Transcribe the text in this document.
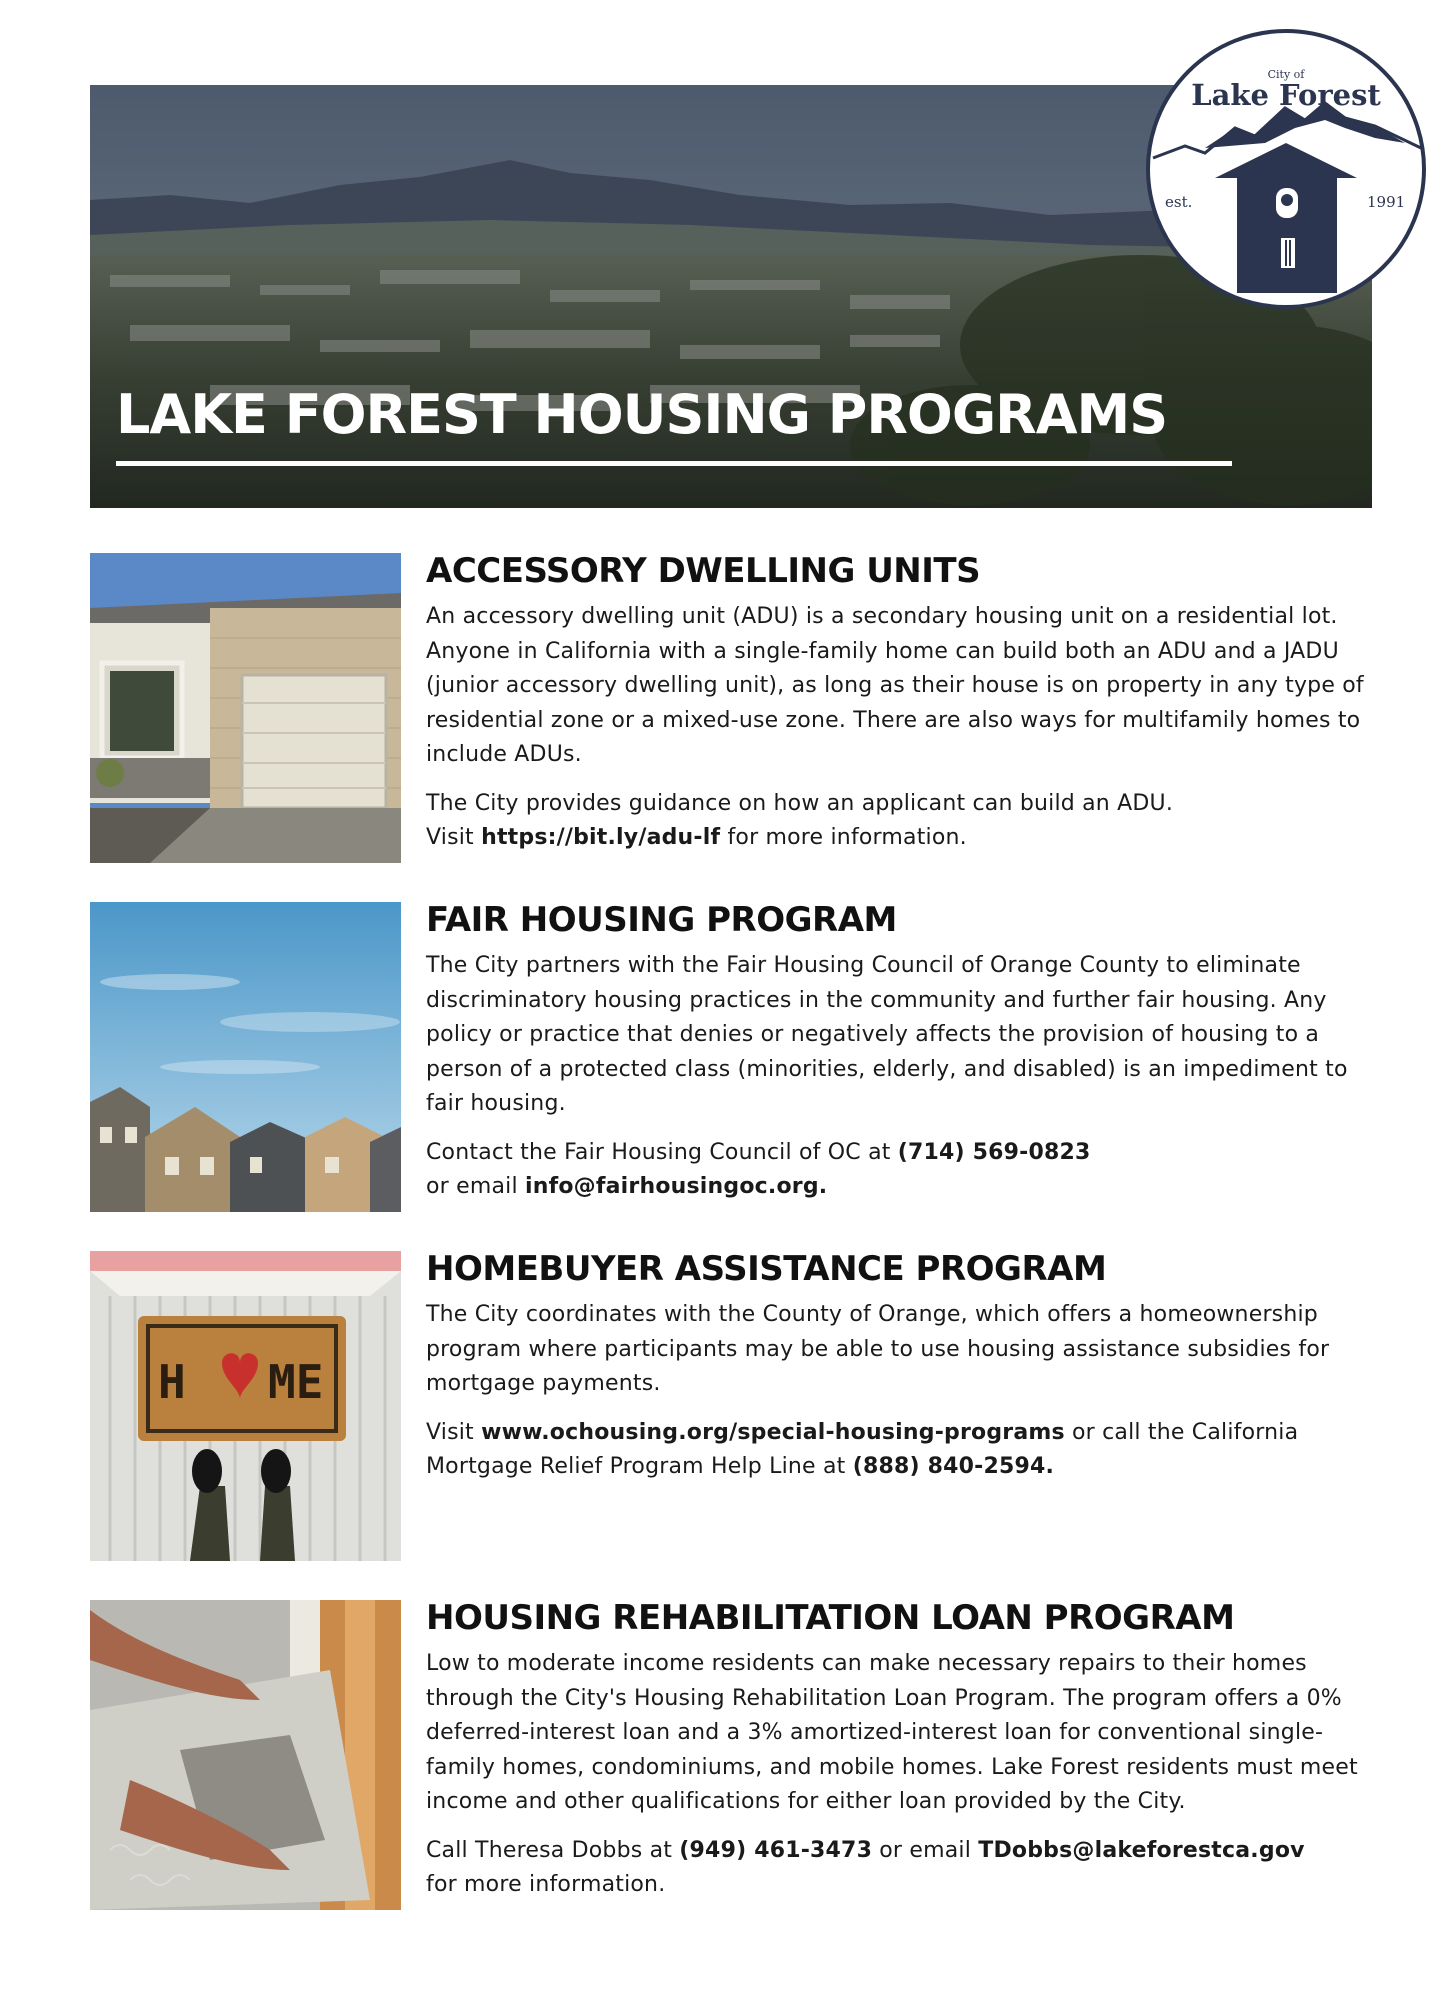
LAKE FOREST HOUSING PROGRAMS
City of
Lake Forest
est.	1991
ACCESSORY DWELLING UNITS

An accessory dwelling unit (ADU) is a secondary housing unit on a residential lot. Anyone in California with a single-family home can build both an ADU and a JADU (junior accessory dwelling unit), as long as their house is on property in any type of residential zone or a mixed-use zone. There are also ways for multifamily homes to include ADUs.

The City provides guidance on how an applicant can build an ADU.
Visit https://bit.ly/adu-lf for more information.

FAIR HOUSING PROGRAM

The City partners with the Fair Housing Council of Orange County to eliminate discriminatory housing practices in the community and further fair housing. Any policy or practice that denies or negatively affects the provision of housing to a person of a protected class (minorities, elderly, and disabled) is an impediment to fair housing.

Contact the Fair Housing Council of OC at (714) 569-0823
or email info@fairhousingoc.org.

H ME
HOMEBUYER ASSISTANCE PROGRAM

The City coordinates with the County of Orange, which offers a homeownership program where participants may be able to use housing assistance subsidies for mortgage payments.

Visit www.ochousing.org/special-housing-programs or call the California Mortgage Relief Program Help Line at (888) 840-2594.

HOUSING REHABILITATION LOAN PROGRAM

Low to moderate income residents can make necessary repairs to their homes through the City's Housing Rehabilitation Loan Program. The program offers a 0% deferred-interest loan and a 3% amortized-interest loan for conventional single-family homes, condominiums, and mobile homes. Lake Forest residents must meet income and other qualifications for either loan provided by the City.

Call Theresa Dobbs at (949) 461-3473 or email TDobbs@lakeforestca.gov
for more information.
